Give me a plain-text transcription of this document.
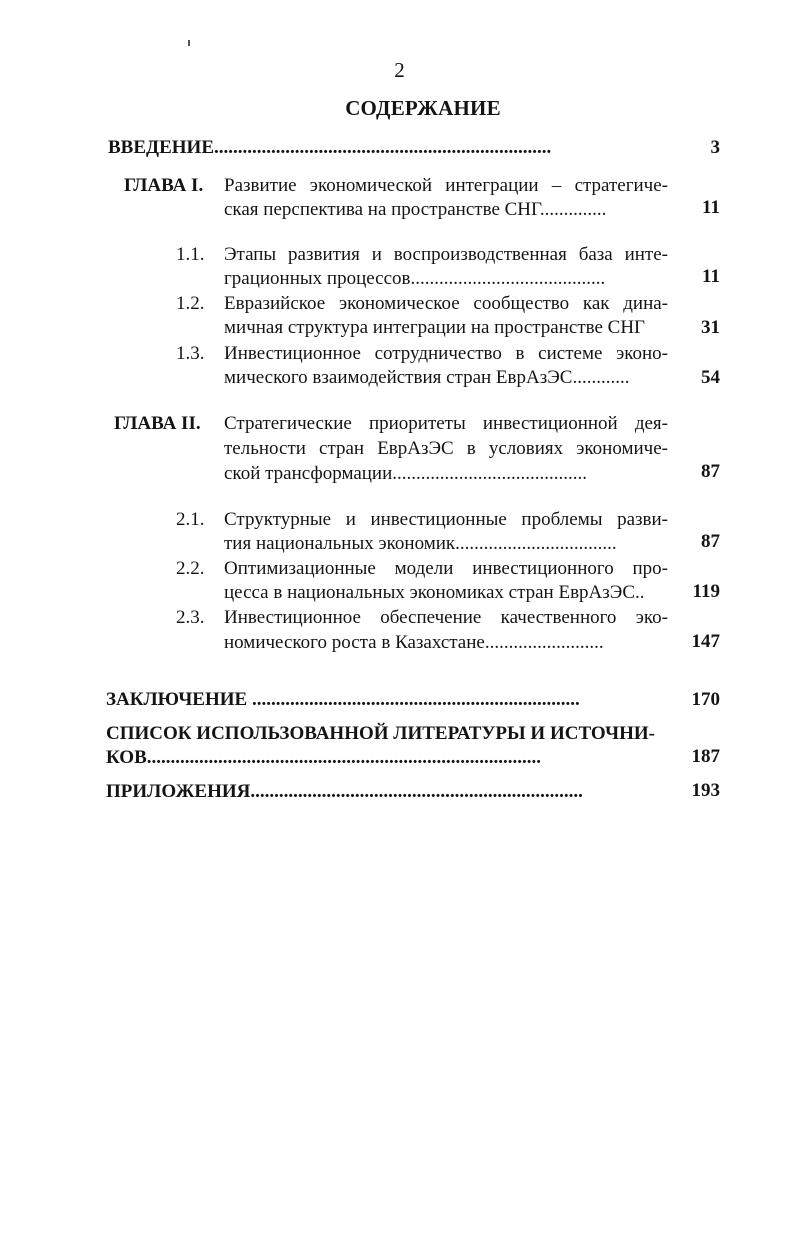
2
СОДЕРЖАНИЕ
ВВЕДЕНИЕ.......................................................................	3
ГЛАВА I. Развитие экономической интеграции – стратегиче-
ская перспектива на пространстве СНГ..............	11
1.1. Этапы развития и воспроизводственная база инте-
грационных процессов.........................................	11
1.2. Евразийское экономическое сообщество как дина-
мичная структура интеграции на пространстве СНГ	31
1.3. Инвестиционное сотрудничество в системе эконо-
мического взаимодействия стран ЕврАзЭС............	54
ГЛАВА II. Стратегические приоритеты инвестиционной дея-
тельности стран ЕврАзЭС в условиях экономиче-
ской трансформации.........................................	87
2.1. Структурные и инвестиционные проблемы разви-
тия национальных экономик..................................	87
2.2. Оптимизационные модели инвестиционного про-
цесса в национальных экономиках стран ЕврАзЭС..	119
2.3. Инвестиционное обеспечение качественного эко-
номического роста в Казахстане.........................	147
ЗАКЛЮЧЕНИЕ .....................................................................	170
СПИСОК ИСПОЛЬЗОВАННОЙ ЛИТЕРАТУРЫ И ИСТОЧНИ-
КОВ...................................................................................	187
ПРИЛОЖЕНИЯ......................................................................	193
